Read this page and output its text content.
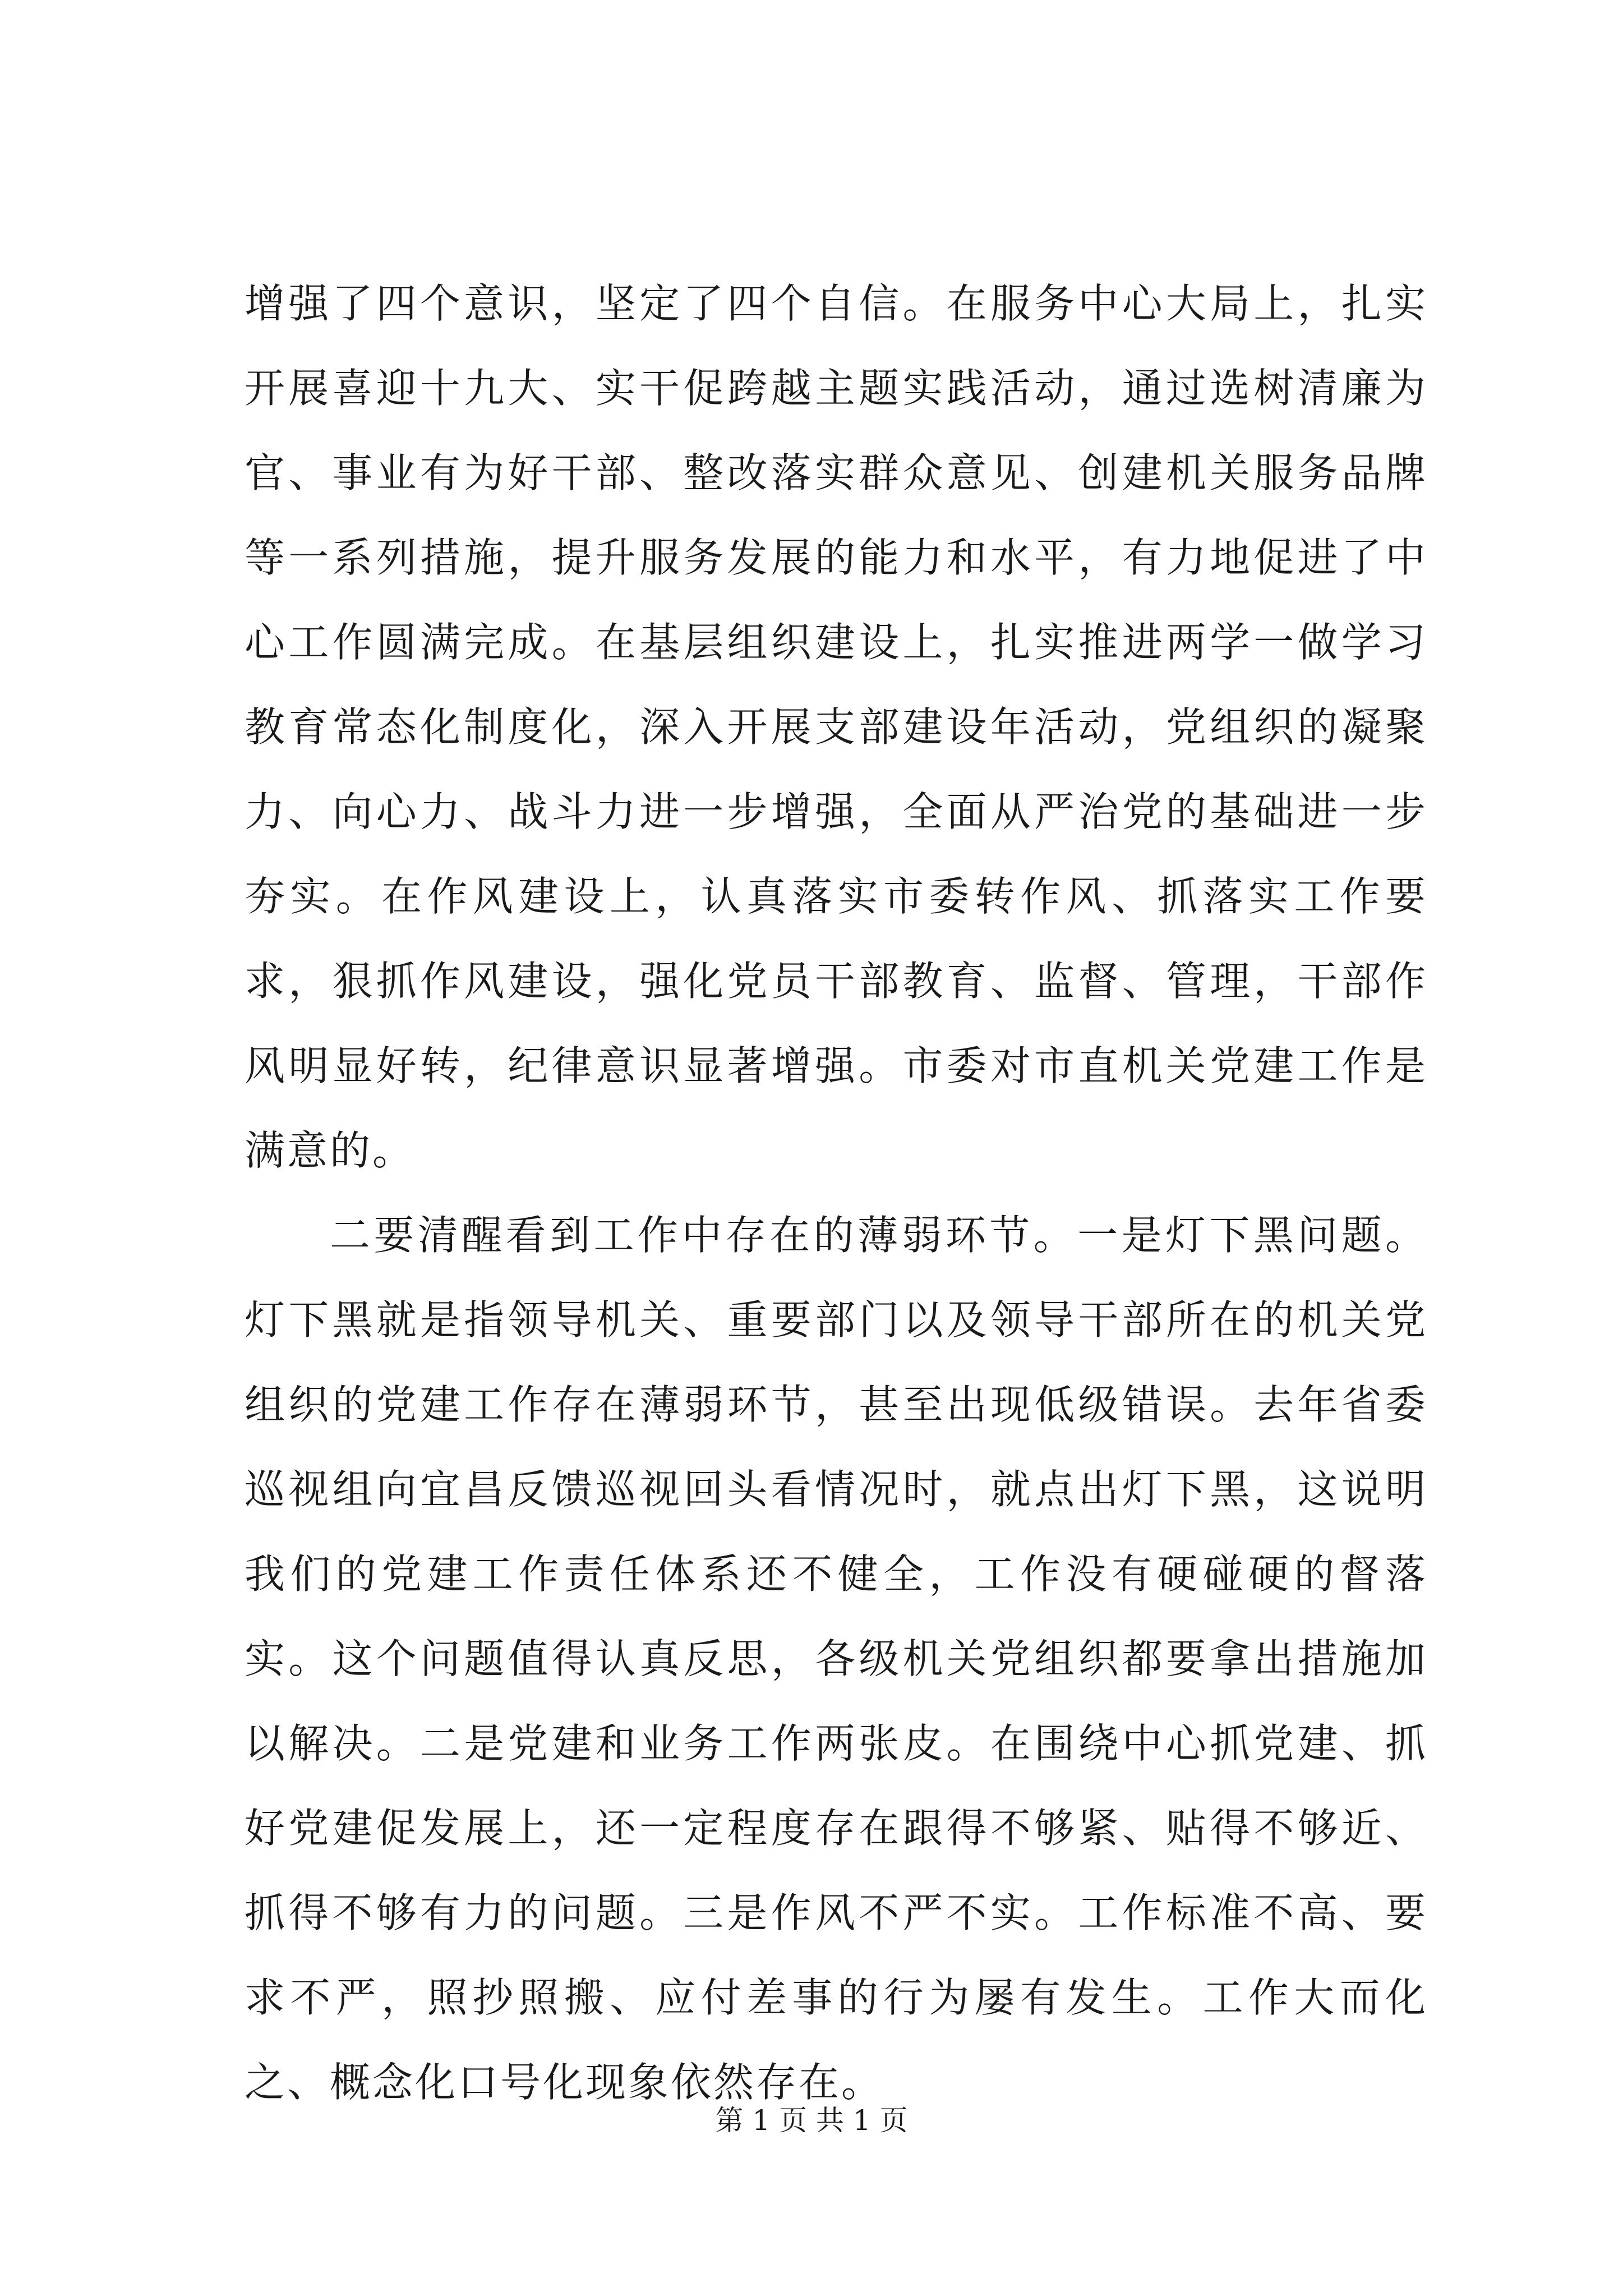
增强了四个意识，坚定了四个自信。在服务中心大局上，扎实开展喜迎十九大、实干促跨越主题实践活动，通过选树清廉为官、事业有为好干部、整改落实群众意见、创建机关服务品牌等一系列措施，提升服务发展的能力和水平，有力地促进了中心工作圆满完成。在基层组织建设上，扎实推进两学一做学习教育常态化制度化，深入开展支部建设年活动，党组织的凝聚力、向心力、战斗力进一步增强，全面从严治党的基础进一步夯实。在作风建设上，认真落实市委转作风、抓落实工作要求，狠抓作风建设，强化党员干部教育、监督、管理，干部作风明显好转，纪律意识显著增强。市委对市直机关党建工作是满意的。

二要清醒看到工作中存在的薄弱环节。一是灯下黑问题。灯下黑就是指领导机关、重要部门以及领导干部所在的机关党组织的党建工作存在薄弱环节，甚至出现低级错误。去年省委巡视组向宜昌反馈巡视回头看情况时，就点出灯下黑，这说明我们的党建工作责任体系还不健全，工作没有硬碰硬的督落实。这个问题值得认真反思，各级机关党组织都要拿出措施加以解决。二是党建和业务工作两张皮。在围绕中心抓党建、抓好党建促发展上，还一定程度存在跟得不够紧、贴得不够近、抓得不够有力的问题。三是作风不严不实。工作标准不高、要求不严，照抄照搬、应付差事的行为屡有发生。工作大而化之、概念化口号化现象依然存在。

第 1 页 共 1 页
